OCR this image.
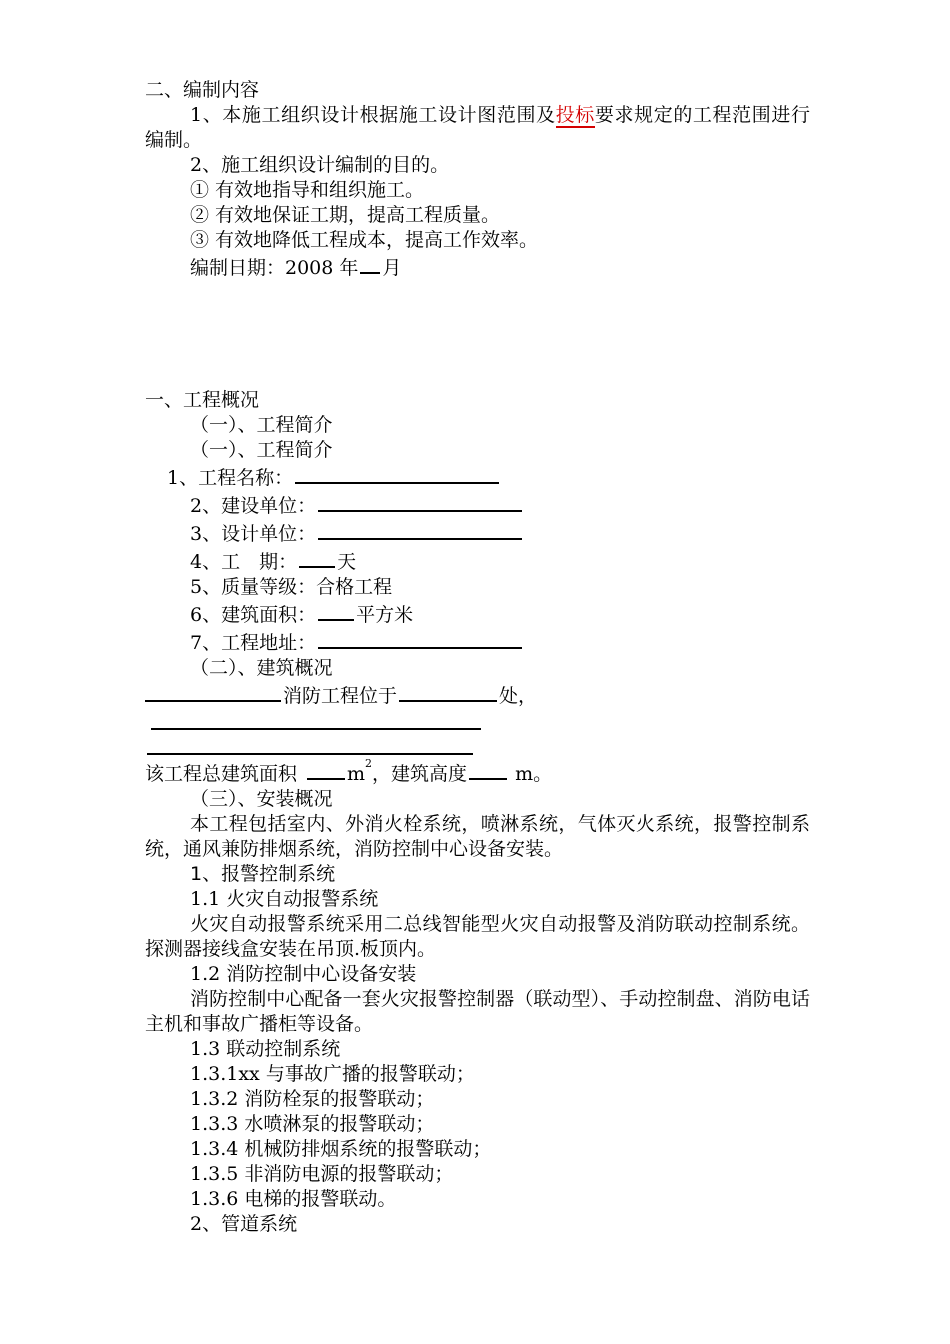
二、编制内容
1、本施工组织设计根据施工设计图范围及投标要求规定的工程范围进行编制。
2、施工组织设计编制的目的。
① 有效地指导和组织施工。
② 有效地保证工期，提高工程质量。
③ 有效地降低工程成本，提高工作效率。
编制日期：2008 年 月
一、工程概况
（一）、工程简介
（一）、工程简介
1、工程名称：
2、建设单位：
3、设计单位：
4、工　期： 天
5、质量等级：合格工程
6、建筑面积： 平方米
7、工程地址：
（二）、建筑概况
消防工程位于	处，
该工程总建筑面积	$m^2$，建筑高度	m。
（三）、安装概况
本工程包括室内、外消火栓系统，喷淋系统，气体灭火系统，报警控制系统，通风兼防排烟系统，消防控制中心设备安装。
1、报警控制系统
1.1 火灾自动报警系统
火灾自动报警系统采用二总线智能型火灾自动报警及消防联动控制系统。探测器接线盒安装在吊顶.板顶内。
1.2 消防控制中心设备安装
消防控制中心配备一套火灾报警控制器（联动型）、手动控制盘、消防电话主机和事故广播柜等设备。
1.3 联动控制系统
1.3.1xx 与事故广播的报警联动；
1.3.2 消防栓泵的报警联动；
1.3.3 水喷淋泵的报警联动；
1.3.4 机械防排烟系统的报警联动；
1.3.5 非消防电源的报警联动；
1.3.6 电梯的报警联动。
2、管道系统
